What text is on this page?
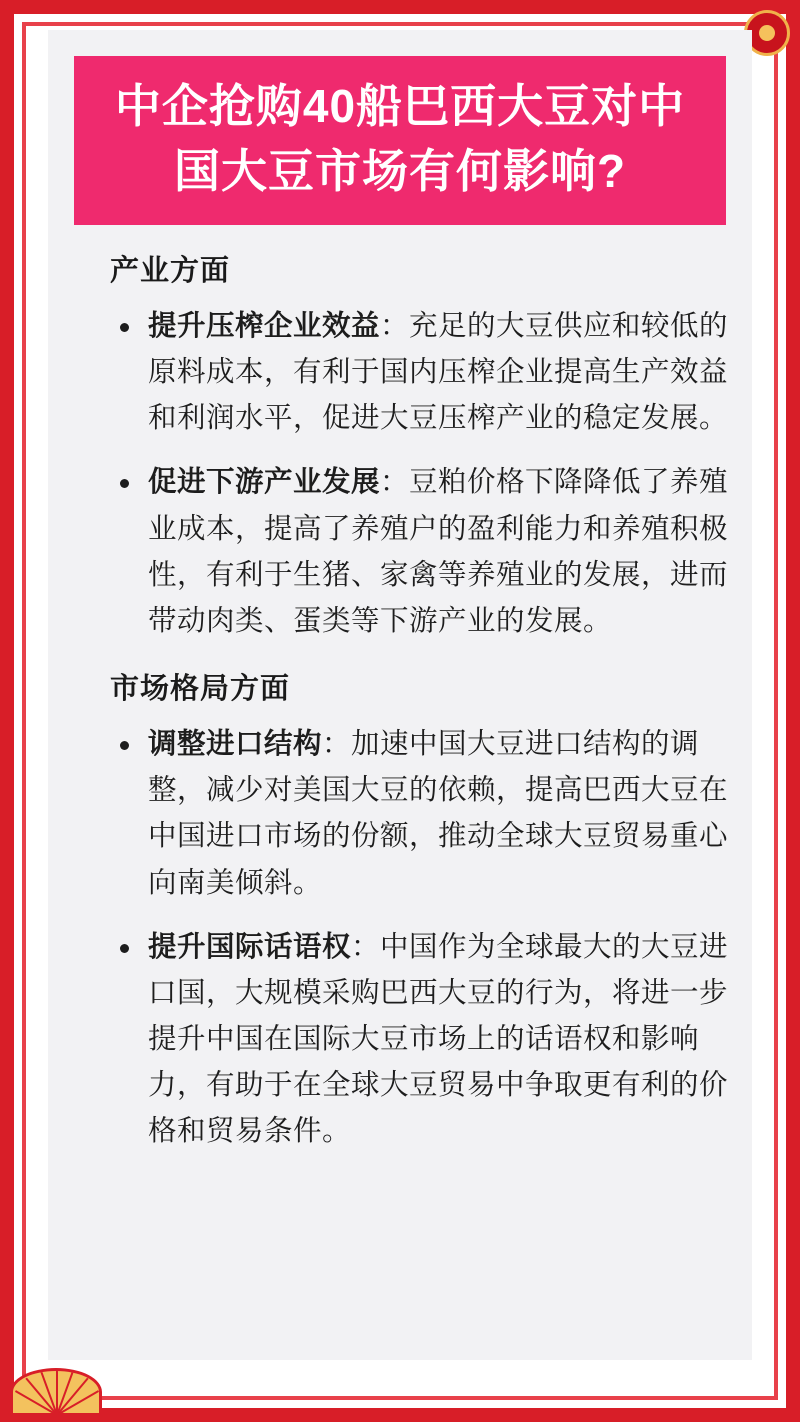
中企抢购40船巴西大豆对中
国大豆市场有何影响?
产业方面
提升压榨企业效益：充足的大豆供应和较低的原料成本，有利于国内压榨企业提高生产效益和利润水平，促进大豆压榨产业的稳定发展。
促进下游产业发展：豆粕价格下降降低了养殖业成本，提高了养殖户的盈利能力和养殖积极性，有利于生猪、家禽等养殖业的发展，进而带动肉类、蛋类等下游产业的发展。
市场格局方面
调整进口结构：加速中国大豆进口结构的调整，减少对美国大豆的依赖，提高巴西大豆在中国进口市场的份额，推动全球大豆贸易重心向南美倾斜。
提升国际话语权：中国作为全球最大的大豆进口国，大规模采购巴西大豆的行为，将进一步提升中国在国际大豆市场上的话语权和影响力，有助于在全球大豆贸易中争取更有利的价格和贸易条件。
